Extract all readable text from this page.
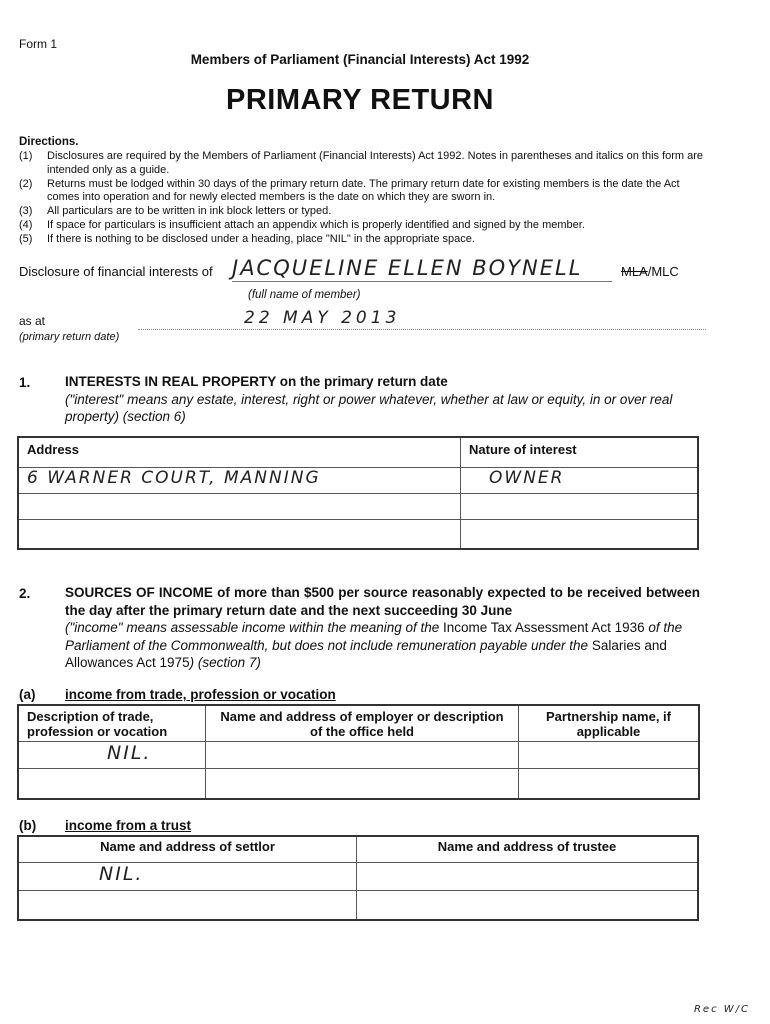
Form 1
Members of Parliament (Financial Interests) Act 1992
PRIMARY RETURN
Directions.
(1)	Disclosures are required by the Members of Parliament (Financial Interests) Act 1992. Notes in parentheses and italics on this form are intended only as a guide.
(2)	Returns must be lodged within 30 days of the primary return date. The primary return date for existing members is the date the Act comes into operation and for newly elected members is the date on which they are sworn in.
(3)	All particulars are to be written in ink block letters or typed.
(4)	If space for particulars is insufficient attach an appendix which is properly identified and signed by the member.
(5)	If there is nothing to be disclosed under a heading, place "NIL" in the appropriate space.
Disclosure of financial interests of JACQUELINE ELLEN BOYNELL	MLA/MLC
(full name of member)
as at	22 MAY 2013
(primary return date)
1.	INTERESTS IN REAL PROPERTY on the primary return date
("interest" means any estate, interest, right or power whatever, whether at law or equity, in or over real property) (section 6)
Address	Nature of interest
6 WARNER COURT, MANNING	OWNER

2.	SOURCES OF INCOME of more than $500 per source reasonably expected to be received between the day after the primary return date and the next succeeding 30 June
("income" means assessable income within the meaning of the Income Tax Assessment Act 1936 of the Parliament of the Commonwealth, but does not include remuneration payable under the Salaries and Allowances Act 1975) (section 7)
(a) income from trade, profession or vocation
Description of trade, profession or vocation	Name and address of employer or description of the office held	Partnership name, if applicable
NIL.		

(b) income from a trust
Name and address of settlor	Name and address of trustee
NIL.	

Rec W/C
